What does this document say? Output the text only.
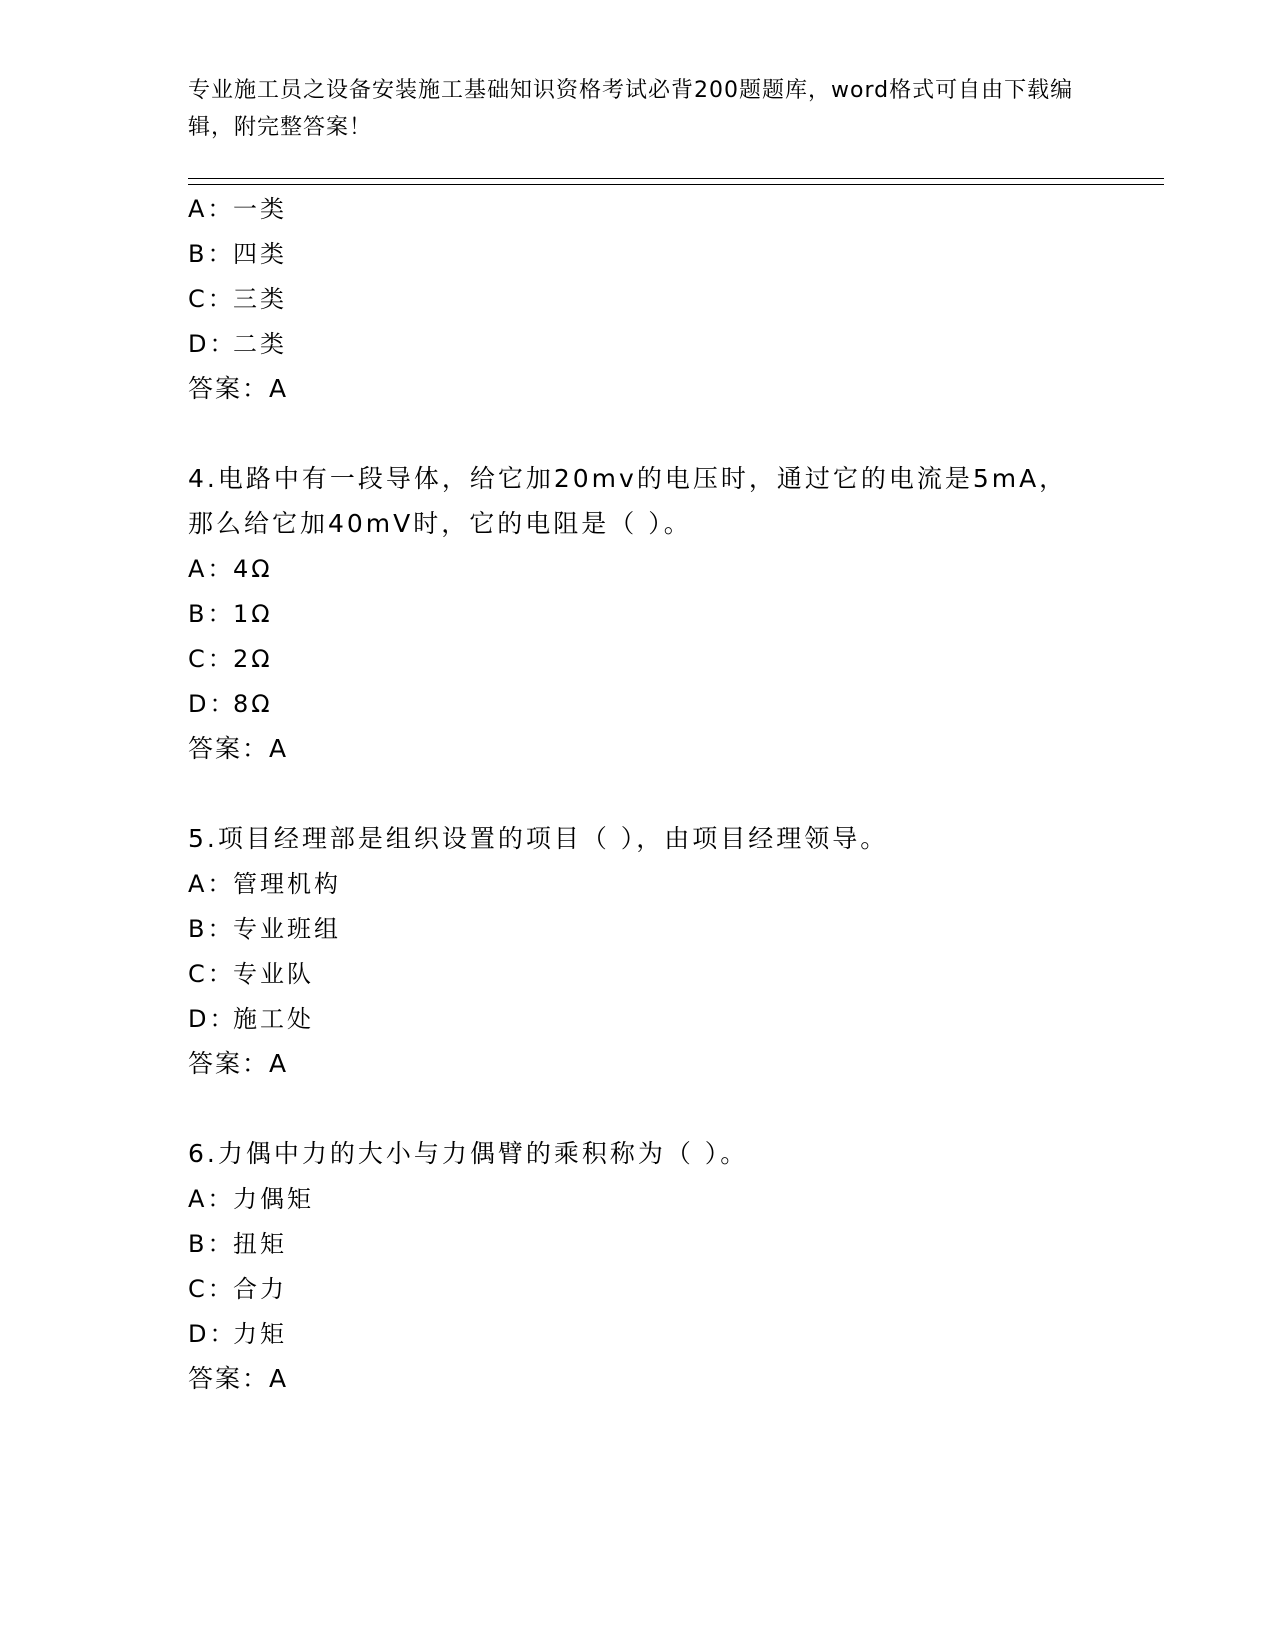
专业施工员之设备安装施工基础知识资格考试必背200题题库，word格式可自由下载编辑，附完整答案！

A：一类
B：四类
C：三类
D：二类
答案：A
4.电路中有一段导体，给它加20mv的电压时，通过它的电流是5mA，
那么给它加40mV时，它的电阻是（ ）。
A：4Ω
B：1Ω
C：2Ω
D：8Ω
答案：A
5.项目经理部是组织设置的项目（ ），由项目经理领导。
A：管理机构
B：专业班组
C：专业队
D：施工处
答案：A
6.力偶中力的大小与力偶臂的乘积称为（ ）。
A：力偶矩
B：扭矩
C：合力
D：力矩
答案：A
